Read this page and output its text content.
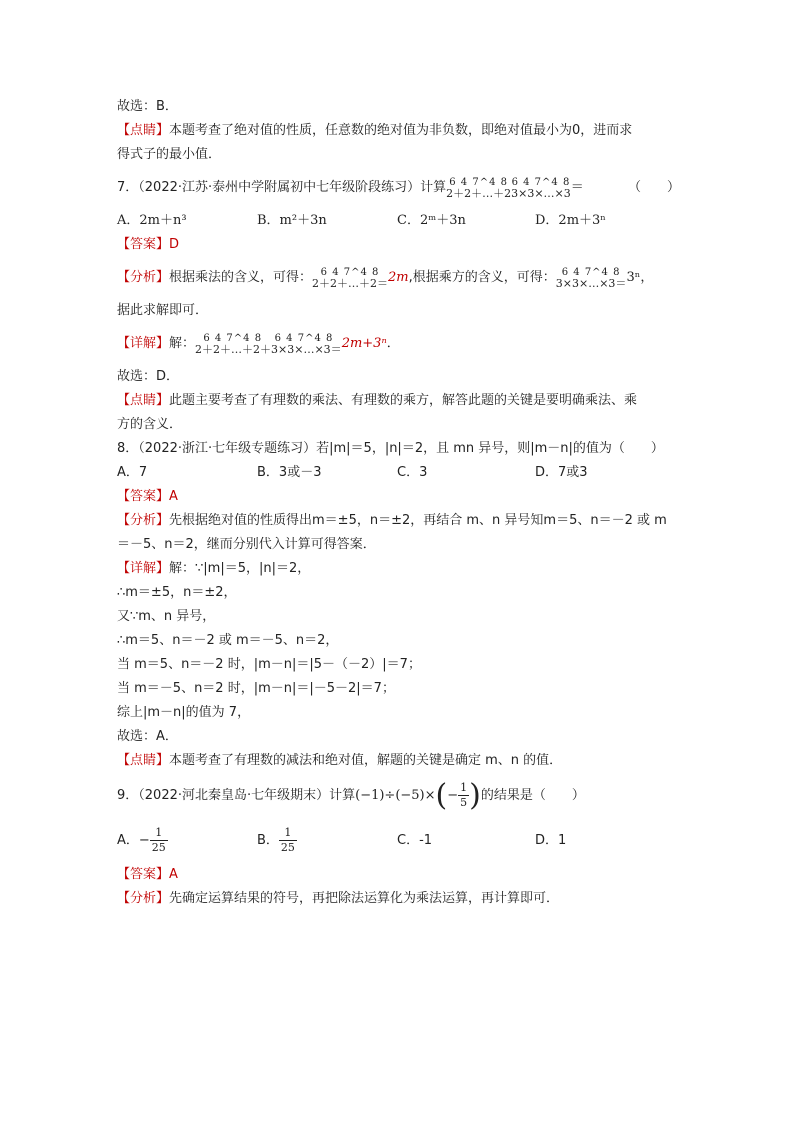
故选：B．
【点睛】本题考查了绝对值的性质，任意数的绝对值为非负数，即绝对值最小为0，进而求
得式子的最小值．
7．（2022·江苏·泰州中学附属初中七年级阶段练习）计算 6 4 7^4 8
2＋2＋…＋2
6 4 7^4 8
3×3×…×3 ＝	（　　）
A．2m＋n³	B．m²＋3n	C．2ᵐ＋3n	D．2m＋3ⁿ
【答案】D
【分析】根据乘法的含义，可得： 6 4 7^4 8
2＋2＋…＋2＝ 2m,根据乘方的含义，可得： 6 4 7^4 8
3×3×…×3＝ 3ⁿ，
据此求解即可．
【详解】解： 6 4 7^4 8 6 4 7^4 8
2＋2＋…＋2＋3×3×…×3＝ 2m+3ⁿ．
故选：D．
【点睛】此题主要考查了有理数的乘法、有理数的乘方，解答此题的关键是要明确乘法、乘
方的含义．
8．（2022·浙江·七年级专题练习）若|m|＝5，|n|＝2，且 mn 异号，则|m－n|的值为（　　）
A．7	B．3或－3	C．3	D．7或3
【答案】A
【分析】先根据绝对值的性质得出m＝±5，n＝±2，再结合 m、n 异号知m＝5、n＝－2 或 m
＝－5、n＝2，继而分别代入计算可得答案．
【详解】解：∵|m|＝5，|n|＝2，
∴m＝±5，n＝±2，
又∵m、n 异号，
∴m＝5、n＝－2 或 m＝－5、n＝2，
当 m＝5、n＝－2 时，|m－n|＝|5－（－2）|＝7；
当 m＝－5、n＝2 时，|m－n|＝|－5－2|＝7；
综上|m－n|的值为 7，
故选：A．
【点睛】本题考查了有理数的减法和绝对值，解题的关键是确定 m、n 的值．
9．（2022·河北秦皇岛·七年级期末）计算$(-1)\div(-5)\times(- \frac{1}{5}$ )的结果是（　　）
A．− $\frac{1}{25}$	B． $\frac{1}{25}$	C．-1	D．1
【答案】A
【分析】先确定运算结果的符号，再把除法运算化为乘法运算，再计算即可．
